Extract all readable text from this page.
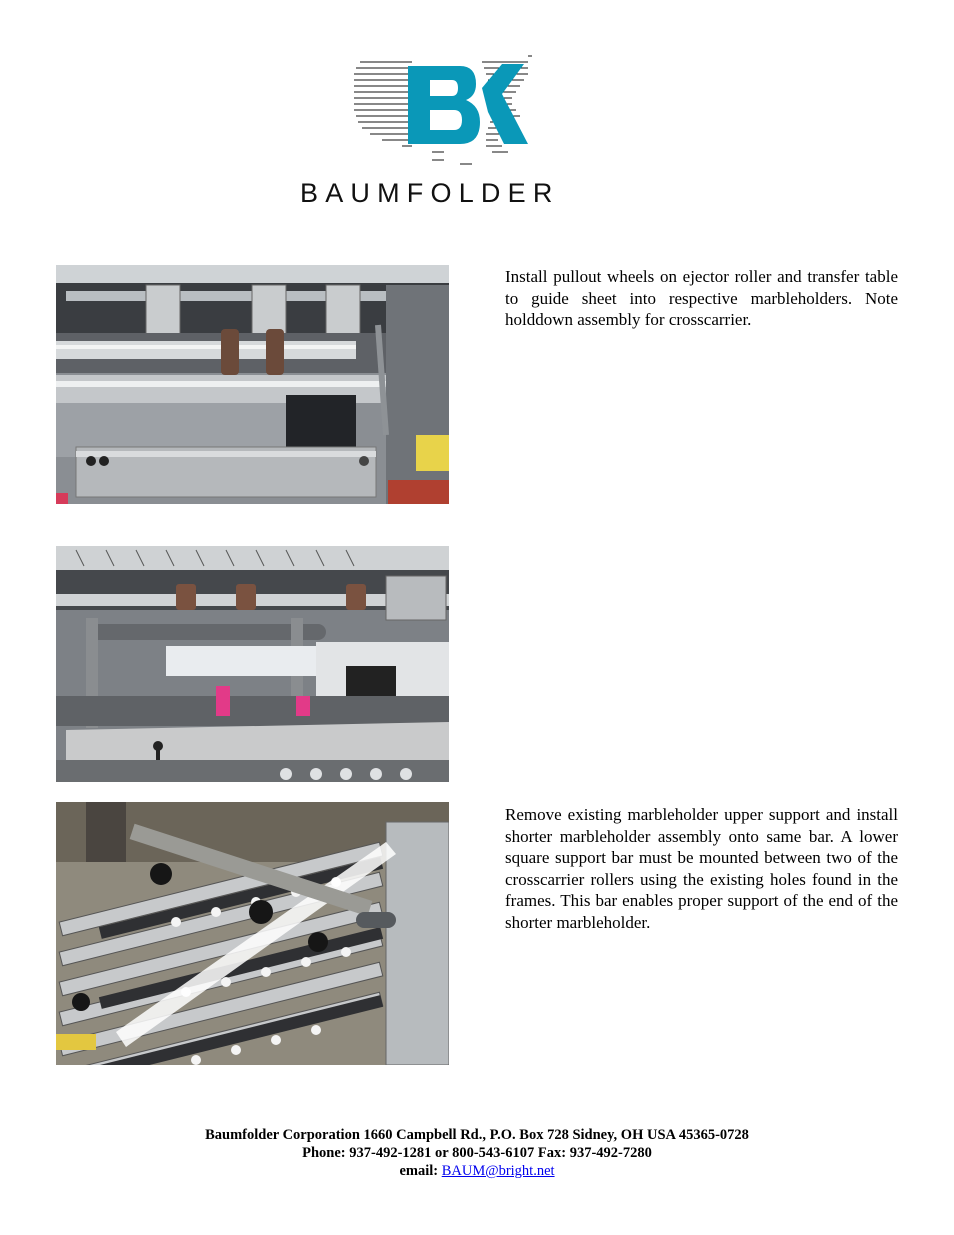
BAUMFOLDER
Install pullout wheels on ejector roller and transfer table to guide sheet into respective marbleholders. Note holddown assembly for crosscarrier.
Remove existing marbleholder upper support and install shorter marbleholder assembly onto same bar. A lower square support bar must be mounted between two of the crosscarrier rollers using the existing holes found in the frames. This bar enables proper support of the end of the shorter marbleholder.
Baumfolder Corporation 1660 Campbell Rd., P.O. Box 728 Sidney, OH USA 45365-0728
Phone: 937-492-1281 or 800-543-6107 Fax: 937-492-7280
email: BAUM@bright.net
